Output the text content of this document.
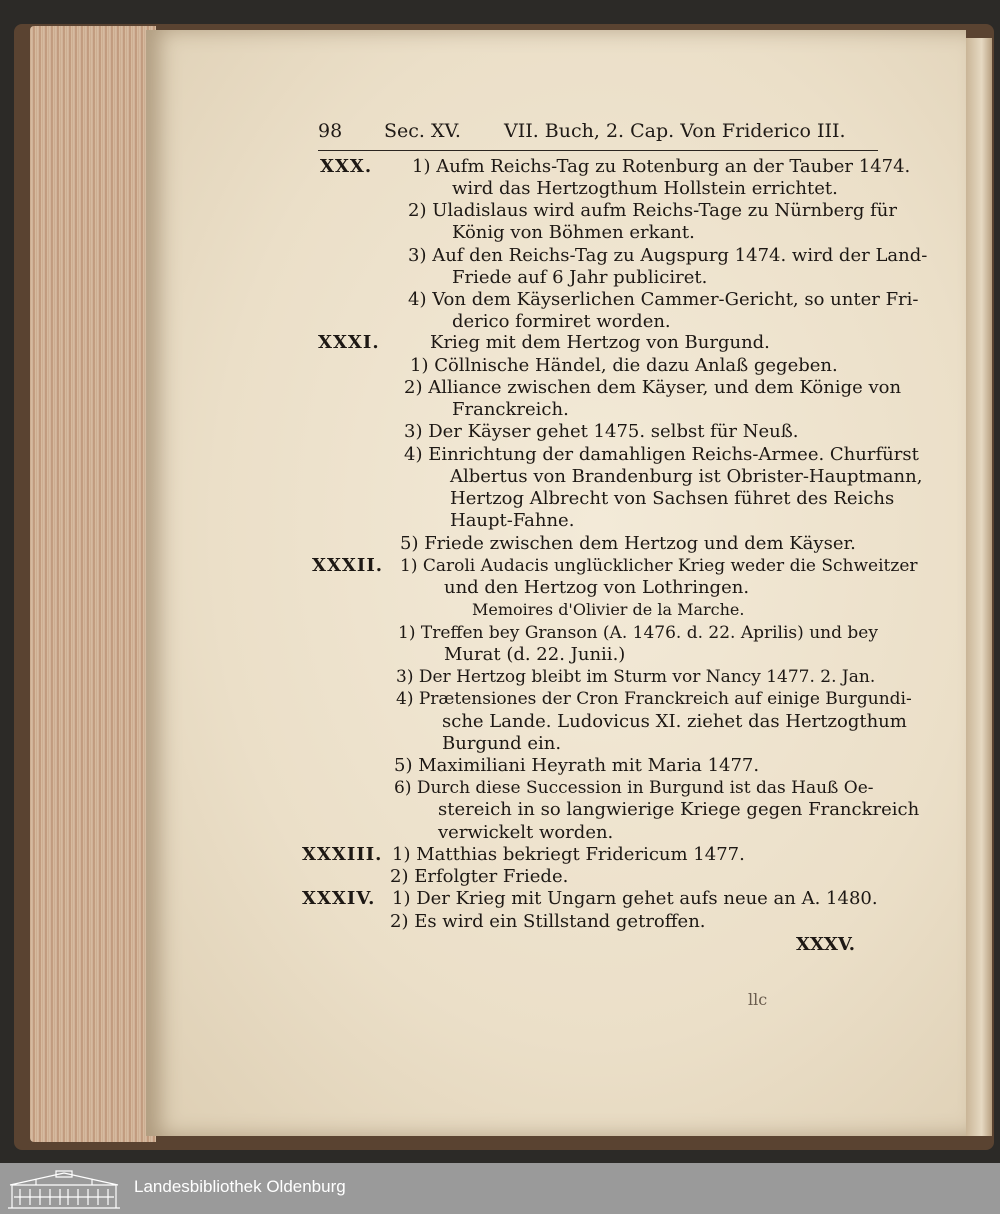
98 Sec. XV. VII. Buch, 2. Cap. Von Friderico III.
XXX. 1) Aufm Reichs-Tag zu Rotenburg an der Tauber 1474.
wird das Hertzogthum Hollstein errichtet.
2) Uladislaus wird aufm Reichs-Tage zu Nürnberg für
König von Böhmen erkant.
3) Auf den Reichs-Tag zu Augspurg 1474. wird der Land-
Friede auf 6 Jahr publiciret.
4) Von dem Käyserlichen Cammer-Gericht, so unter Fri-
derico formiret worden.
XXXI.	Krieg mit dem Hertzog von Burgund.
1) Cöllnische Händel, die dazu Anlaß gegeben.
2) Alliance zwischen dem Käyser, und dem Könige von
Franckreich.
3) Der Käyser gehet 1475. selbst für Neuß.
4) Einrichtung der damahligen Reichs-Armee. Churfürst
Albertus von Brandenburg ist Obrister-Hauptmann,
Hertzog Albrecht von Sachsen führet des Reichs
Haupt-Fahne.
5) Friede zwischen dem Hertzog und dem Käyser.
XXXII. 1) Caroli Audacis unglücklicher Krieg weder die Schweitzer
und den Hertzog von Lothringen.
Memoires d'Olivier de la Marche.
1) Treffen bey Granson (A. 1476. d. 22. Aprilis) und bey
Murat (d. 22. Junii.)
3) Der Hertzog bleibt im Sturm vor Nancy 1477. 2. Jan.
4) Prætensiones der Cron Franckreich auf einige Burgundi-
sche Lande. Ludovicus XI. ziehet das Hertzogthum
Burgund ein.
5) Maximiliani Heyrath mit Maria 1477.
6) Durch diese Succession in Burgund ist das Hauß Oe-
stereich in so langwierige Kriege gegen Franckreich
verwickelt worden.
XXXIII. 1) Matthias bekriegt Fridericum 1477.
2) Erfolgter Friede.
XXXIV. 1) Der Krieg mit Ungarn gehet aufs neue an A. 1480.
2) Es wird ein Stillstand getroffen.
XXXV.
llc
Landesbibliothek Oldenburg
